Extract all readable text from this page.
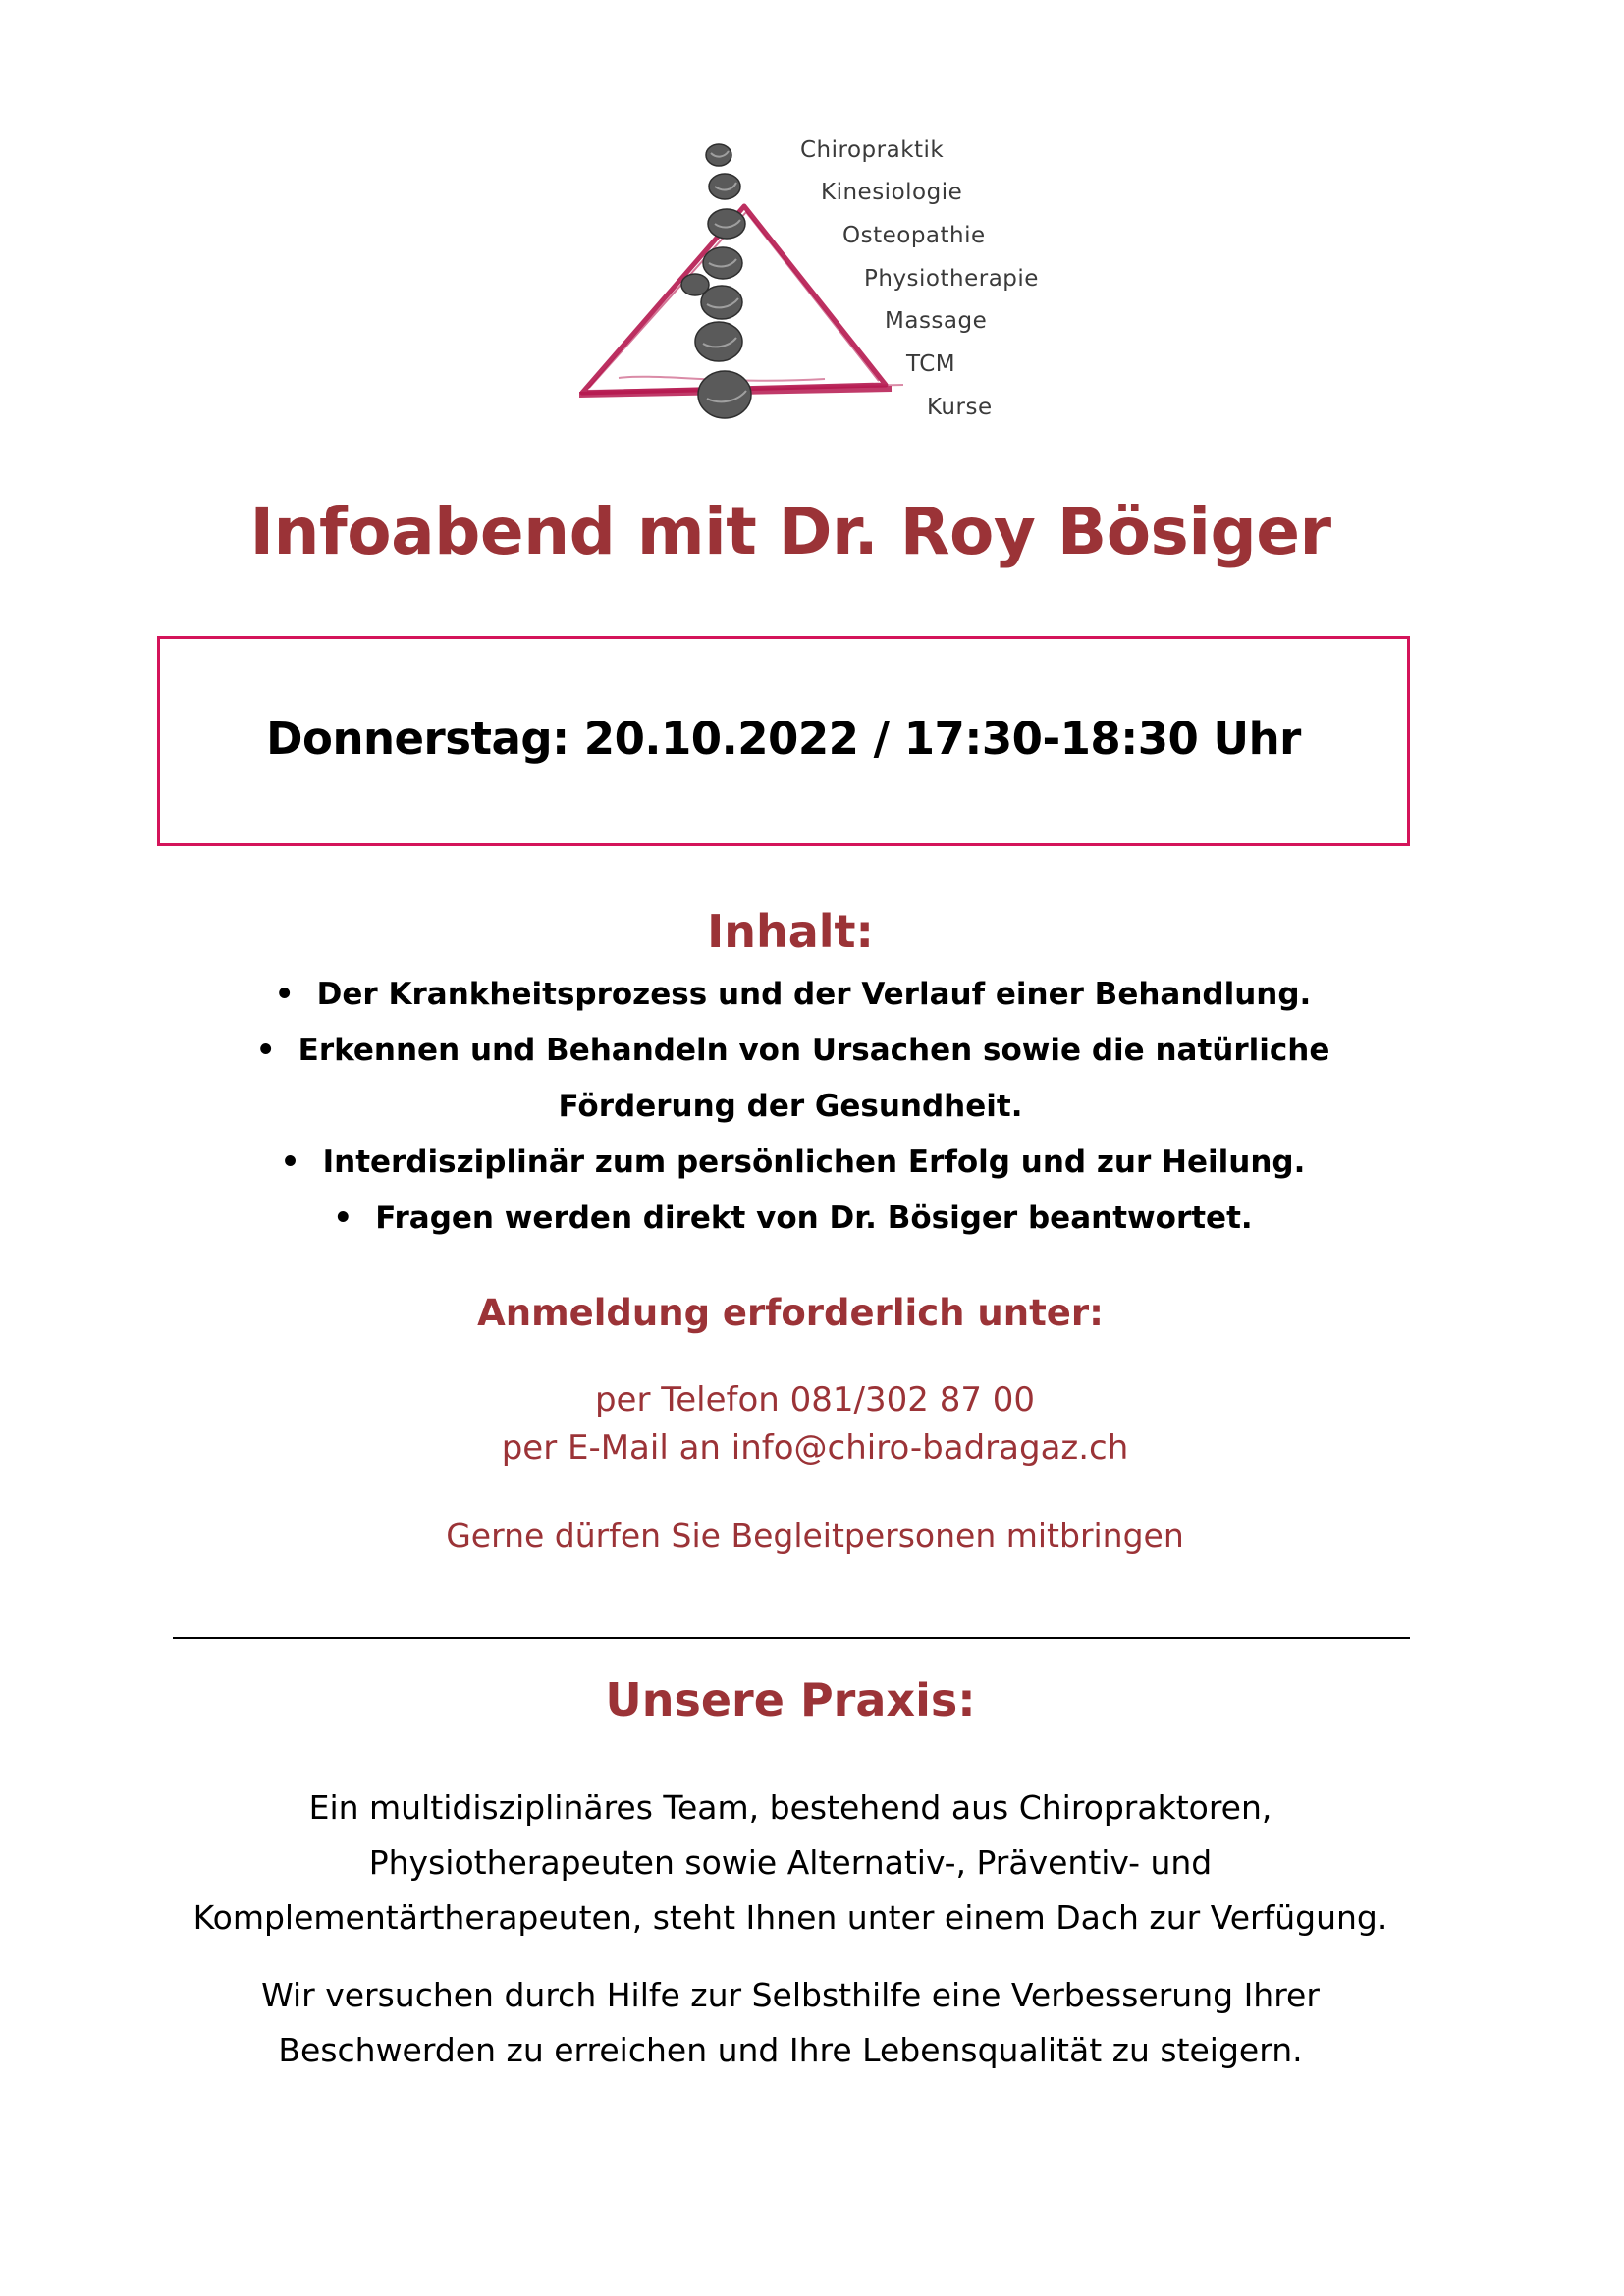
Chiropraktik
Kinesiologie
Osteopathie
Physiotherapie
Massage
TCM
Kurse
Infoabend mit Dr. Roy Bösiger
Donnerstag: 20.10.2022 / 17:30-18:30 Uhr
Inhalt:
• Der Krankheitsprozess und der Verlauf einer Behandlung.
• Erkennen und Behandeln von Ursachen sowie die natürliche
Förderung der Gesundheit.
• Interdisziplinär zum persönlichen Erfolg und zur Heilung.
• Fragen werden direkt von Dr. Bösiger beantwortet.
Anmeldung erforderlich unter:
per Telefon 081/302 87 00
per E-Mail an info@chiro-badragaz.ch
Gerne dürfen Sie Begleitpersonen mitbringen
Unsere Praxis:

Ein multidisziplinäres Team, bestehend aus Chiropraktoren,
Physiotherapeuten sowie Alternativ-, Präventiv- und
Komplementärtherapeuten, steht Ihnen unter einem Dach zur Verfügung.

Wir versuchen durch Hilfe zur Selbsthilfe eine Verbesserung Ihrer
Beschwerden zu erreichen und Ihre Lebensqualität zu steigern.
